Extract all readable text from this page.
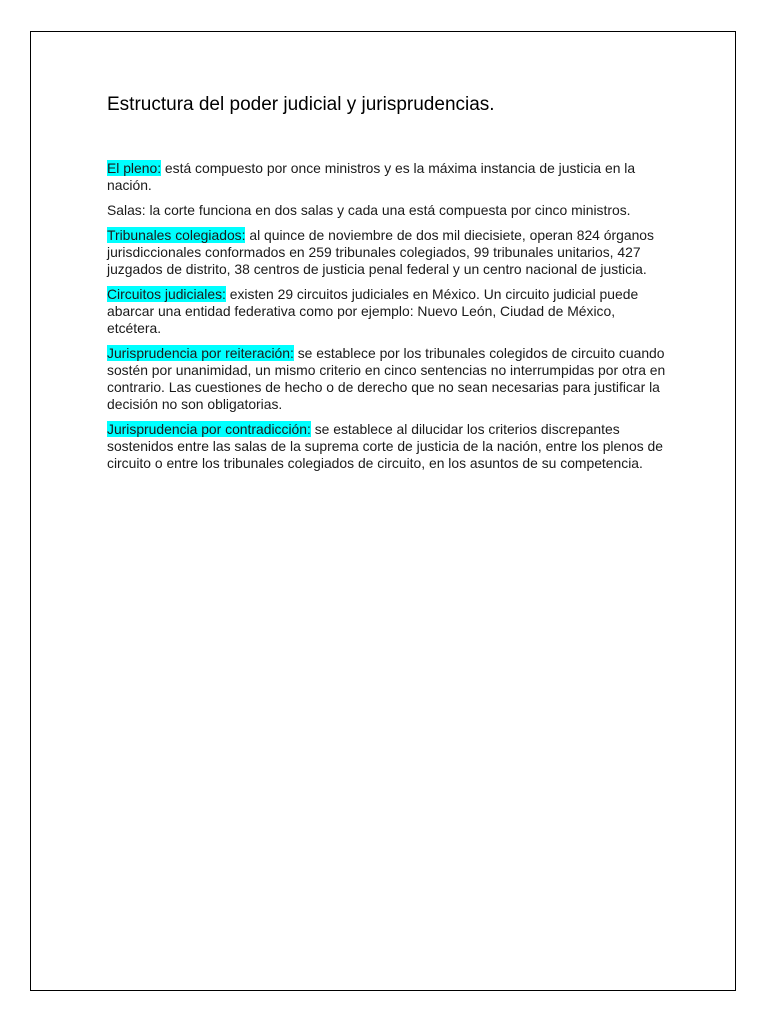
Estructura del poder judicial y jurisprudencias.

El pleno: está compuesto por once ministros y es la máxima instancia de justicia en la nación.

Salas: la corte funciona en dos salas y cada una está compuesta por cinco ministros.

Tribunales colegiados: al quince de noviembre de dos mil diecisiete, operan 824 órganos jurisdiccionales conformados en 259 tribunales colegiados, 99 tribunales unitarios, 427 juzgados de distrito, 38 centros de justicia penal federal y un centro nacional de justicia.

Circuitos judiciales: existen 29 circuitos judiciales en México. Un circuito judicial puede abarcar una entidad federativa como por ejemplo: Nuevo León, Ciudad de México, etcétera.

Jurisprudencia por reiteración: se establece por los tribunales colegidos de circuito cuando sostén por unanimidad, un mismo criterio en cinco sentencias no interrumpidas por otra en contrario. Las cuestiones de hecho o de derecho que no sean necesarias para justificar la decisión no son obligatorias.

Jurisprudencia por contradicción: se establece al dilucidar los criterios discrepantes sostenidos entre las salas de la suprema corte de justicia de la nación, entre los plenos de circuito o entre los tribunales colegiados de circuito, en los asuntos de su competencia.
